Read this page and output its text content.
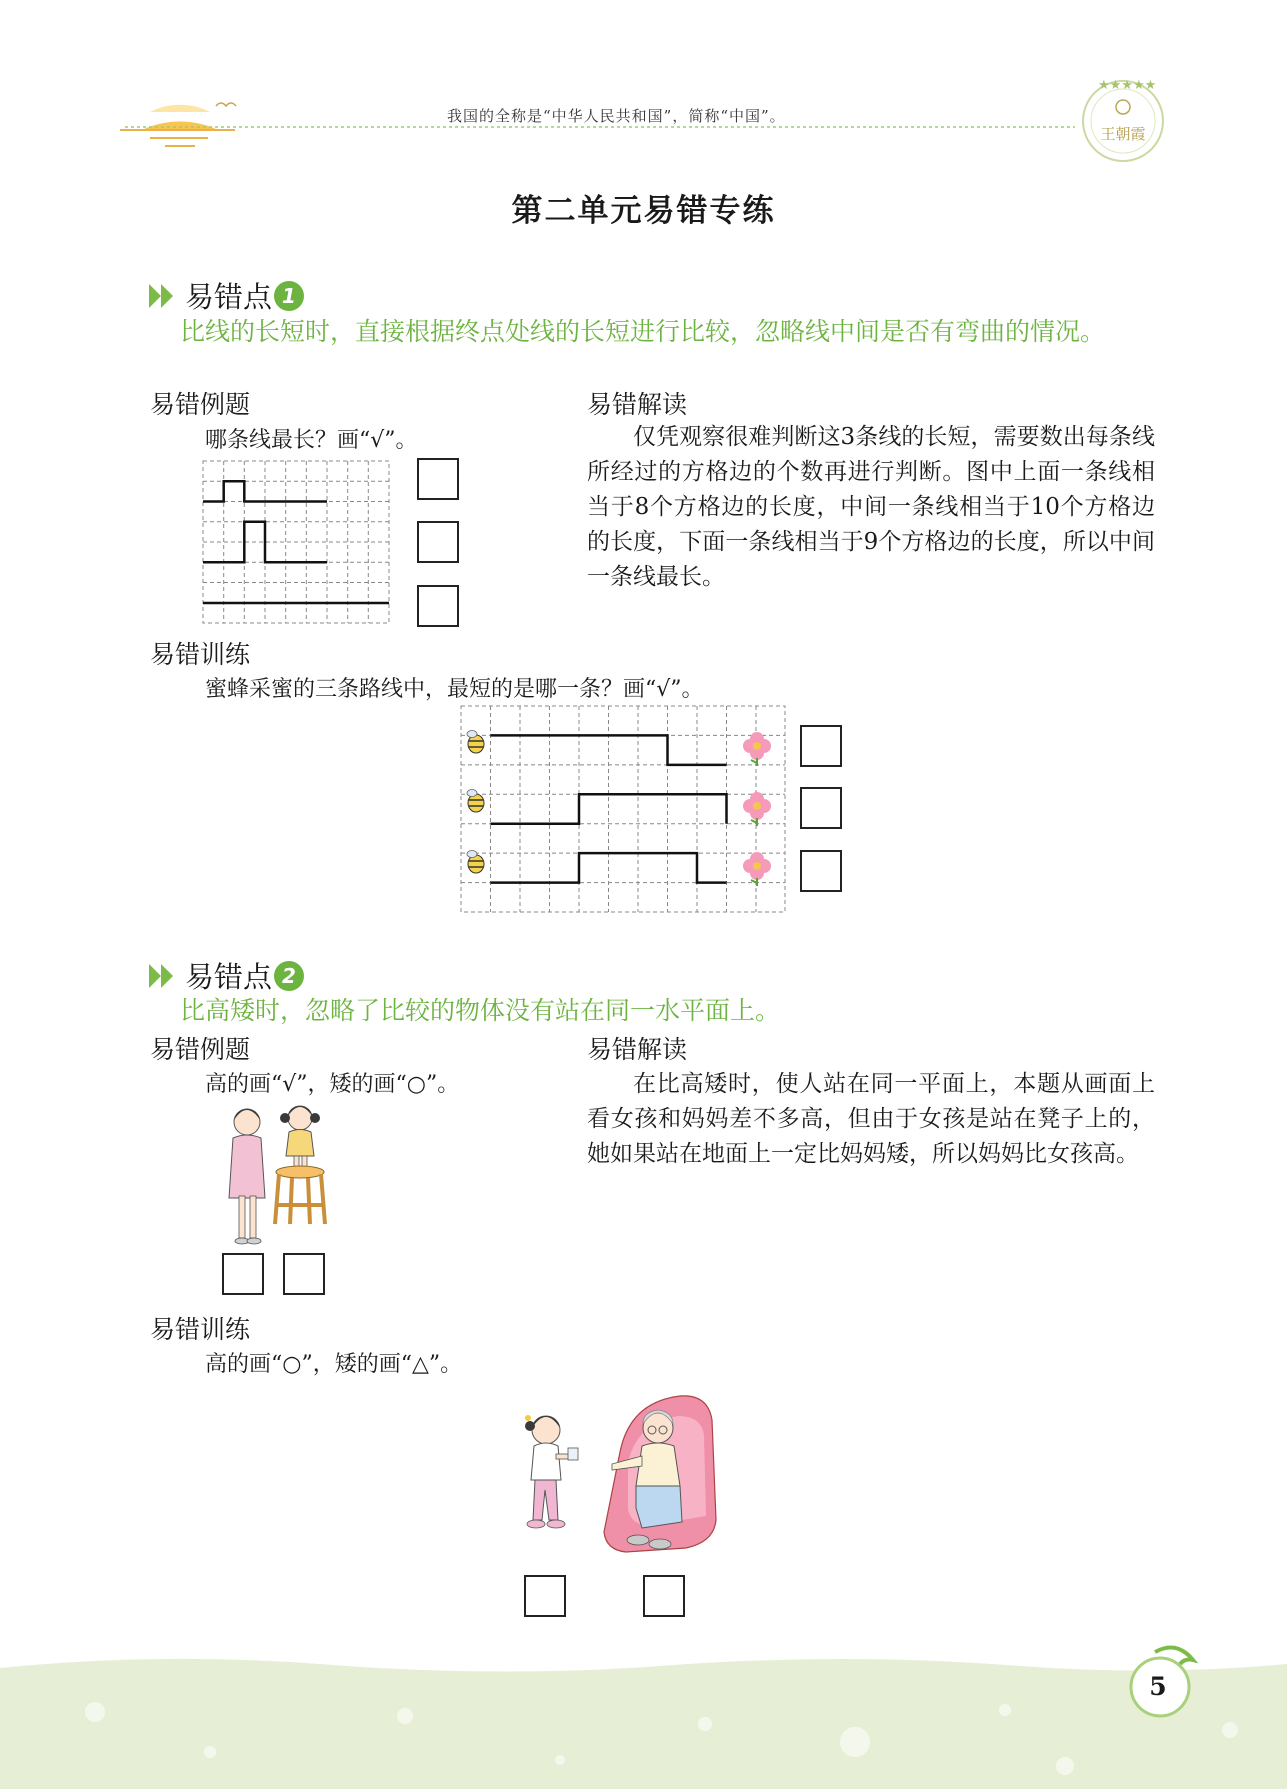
★★★★★
王朝霞
我国的全称是“中华人民共和国”，简称“中国”。
第二单元易错专练
易错点 1
比线的长短时，直接根据终点处线的长短进行比较，忽略线中间是否有弯曲的情况。
易错例题
哪条线最长？画“√”。
易错解读
仅凭观察很难判断这3条线的长短，需要数出每条线所经过的方格边的个数再进行判断。图中上面一条线相当于8个方格边的长度，中间一条线相当于10个方格边的长度，下面一条线相当于9个方格边的长度，所以中间一条线最长。
易错训练
蜜蜂采蜜的三条路线中，最短的是哪一条？画“√”。
易错点 2
比高矮时，忽略了比较的物体没有站在同一水平面上。
易错例题
高的画“√”，矮的画“○”。
易错解读
在比高矮时，使人站在同一平面上，本题从画面上看女孩和妈妈差不多高，但由于女孩是站在凳子上的，她如果站在地面上一定比妈妈矮，所以妈妈比女孩高。
易错训练
高的画“○”，矮的画“△”。
5
